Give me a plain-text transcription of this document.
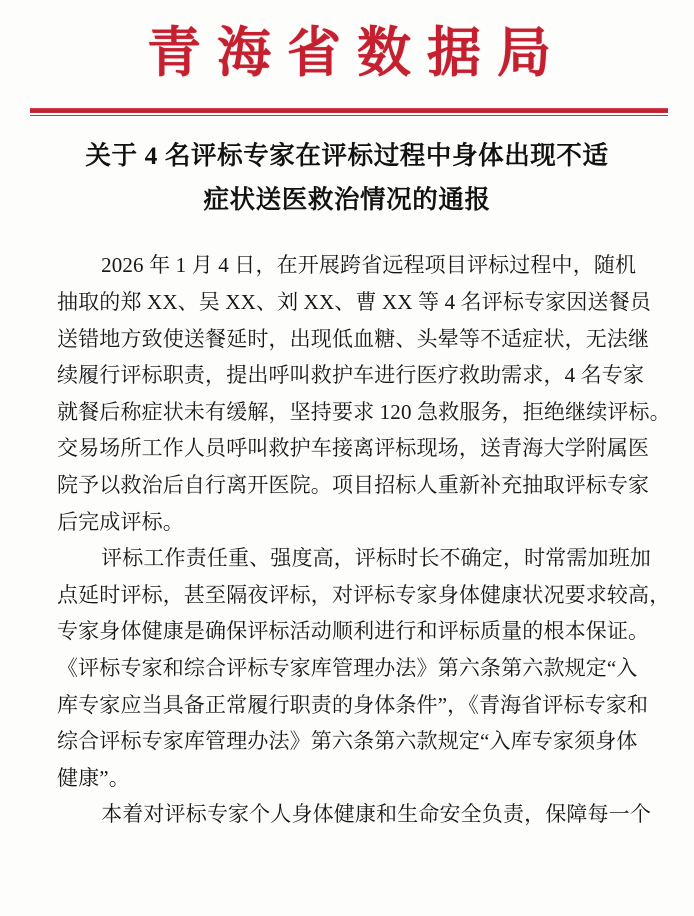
青海省数据局
关于 4 名评标专家在评标过程中身体出现不适
症状送医救治情况的通报

2026 年 1 月 4 日，在开展跨省远程项目评标过程中，随机
抽取的郑 XX、吴 XX、刘 XX、曹 XX 等 4 名评标专家因送餐员
送错地方致使送餐延时，出现低血糖、头晕等不适症状，无法继
续履行评标职责，提出呼叫救护车进行医疗救助需求，4 名专家
就餐后称症状未有缓解，坚持要求 120 急救服务，拒绝继续评标。
交易场所工作人员呼叫救护车接离评标现场，送青海大学附属医
院予以救治后自行离开医院。项目招标人重新补充抽取评标专家
后完成评标。

评标工作责任重、强度高，评标时长不确定，时常需加班加
点延时评标，甚至隔夜评标，对评标专家身体健康状况要求较高，
专家身体健康是确保评标活动顺利进行和评标质量的根本保证。
《评标专家和综合评标专家库管理办法》第六条第六款规定“入
库专家应当具备正常履行职责的身体条件”，《青海省评标专家和
综合评标专家库管理办法》第六条第六款规定“入库专家须身体
健康”。

本着对评标专家个人身体健康和生命安全负责，保障每一个
